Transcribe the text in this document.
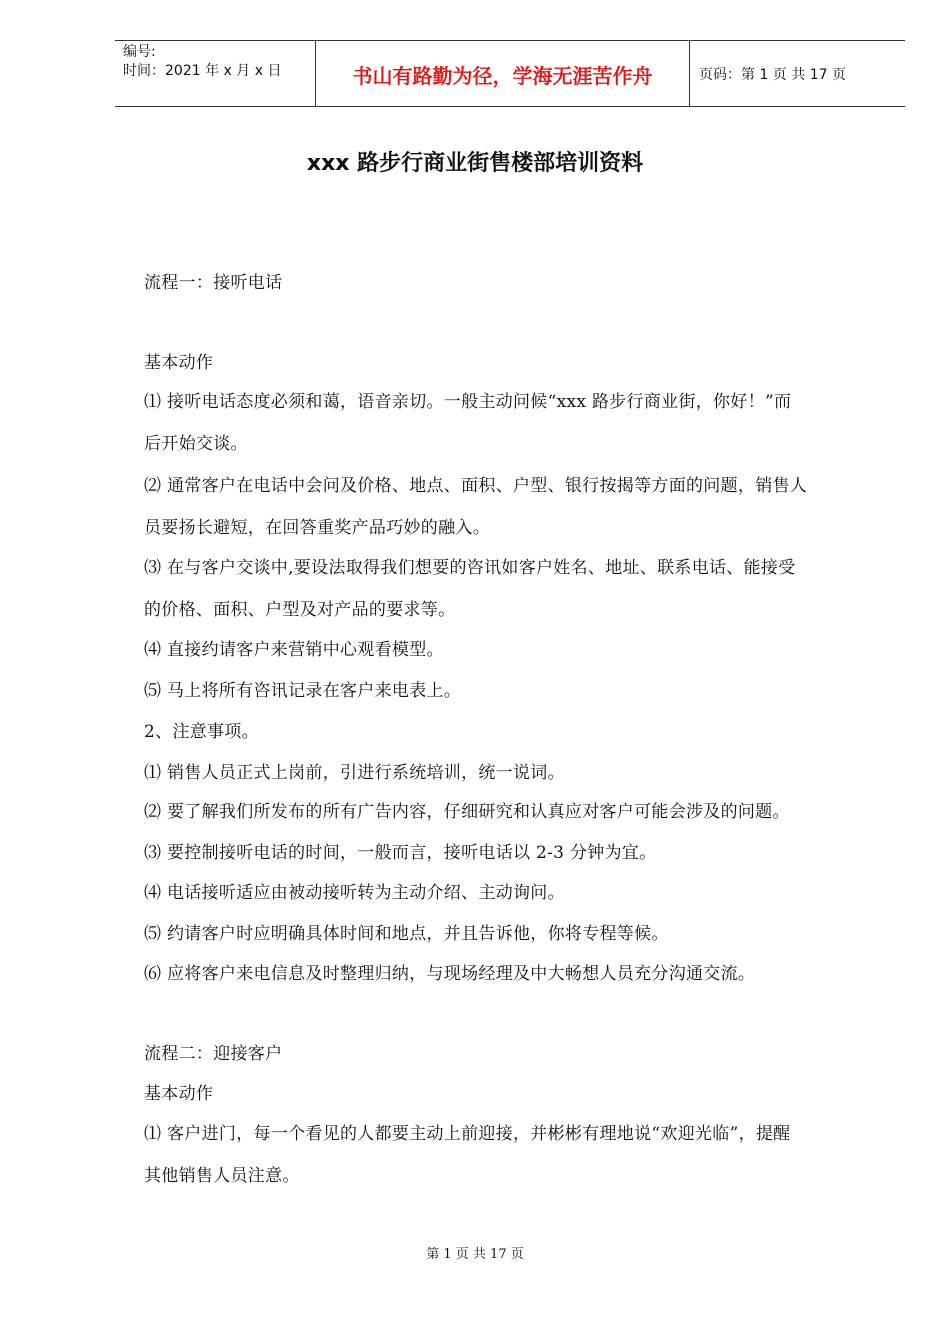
编号:
时间：2021 年 x 月 x 日	书山有路勤为径，学海无涯苦作舟	页码：第 1 页 共 17 页
xxx 路步行商业街售楼部培训资料
流程一：接听电话
基本动作
⑴ 接听电话态度必须和蔼，语音亲切。一般主动问候“xxx 路步行商业街，你好！”而
后开始交谈。
⑵ 通常客户在电话中会问及价格、地点、面积、户型、银行按揭等方面的问题，销售人
员要扬长避短，在回答重奖产品巧妙的融入。
⑶ 在与客户交谈中,要设法取得我们想要的咨讯如客户姓名、地址、联系电话、能接受
的价格、面积、户型及对产品的要求等。
⑷ 直接约请客户来营销中心观看模型。
⑸ 马上将所有咨讯记录在客户来电表上。
2、注意事项。
⑴ 销售人员正式上岗前，引进行系统培训，统一说词。
⑵ 要了解我们所发布的所有广告内容，仔细研究和认真应对客户可能会涉及的问题。
⑶ 要控制接听电话的时间，一般而言，接听电话以 2-3 分钟为宜。
⑷ 电话接听适应由被动接听转为主动介绍、主动询问。
⑸ 约请客户时应明确具体时间和地点，并且告诉他，你将专程等候。
⑹ 应将客户来电信息及时整理归纳，与现场经理及中大畅想人员充分沟通交流。
流程二：迎接客户
基本动作
⑴ 客户进门，每一个看见的人都要主动上前迎接，并彬彬有理地说“欢迎光临”，提醒
其他销售人员注意。
第 1 页 共 17 页
